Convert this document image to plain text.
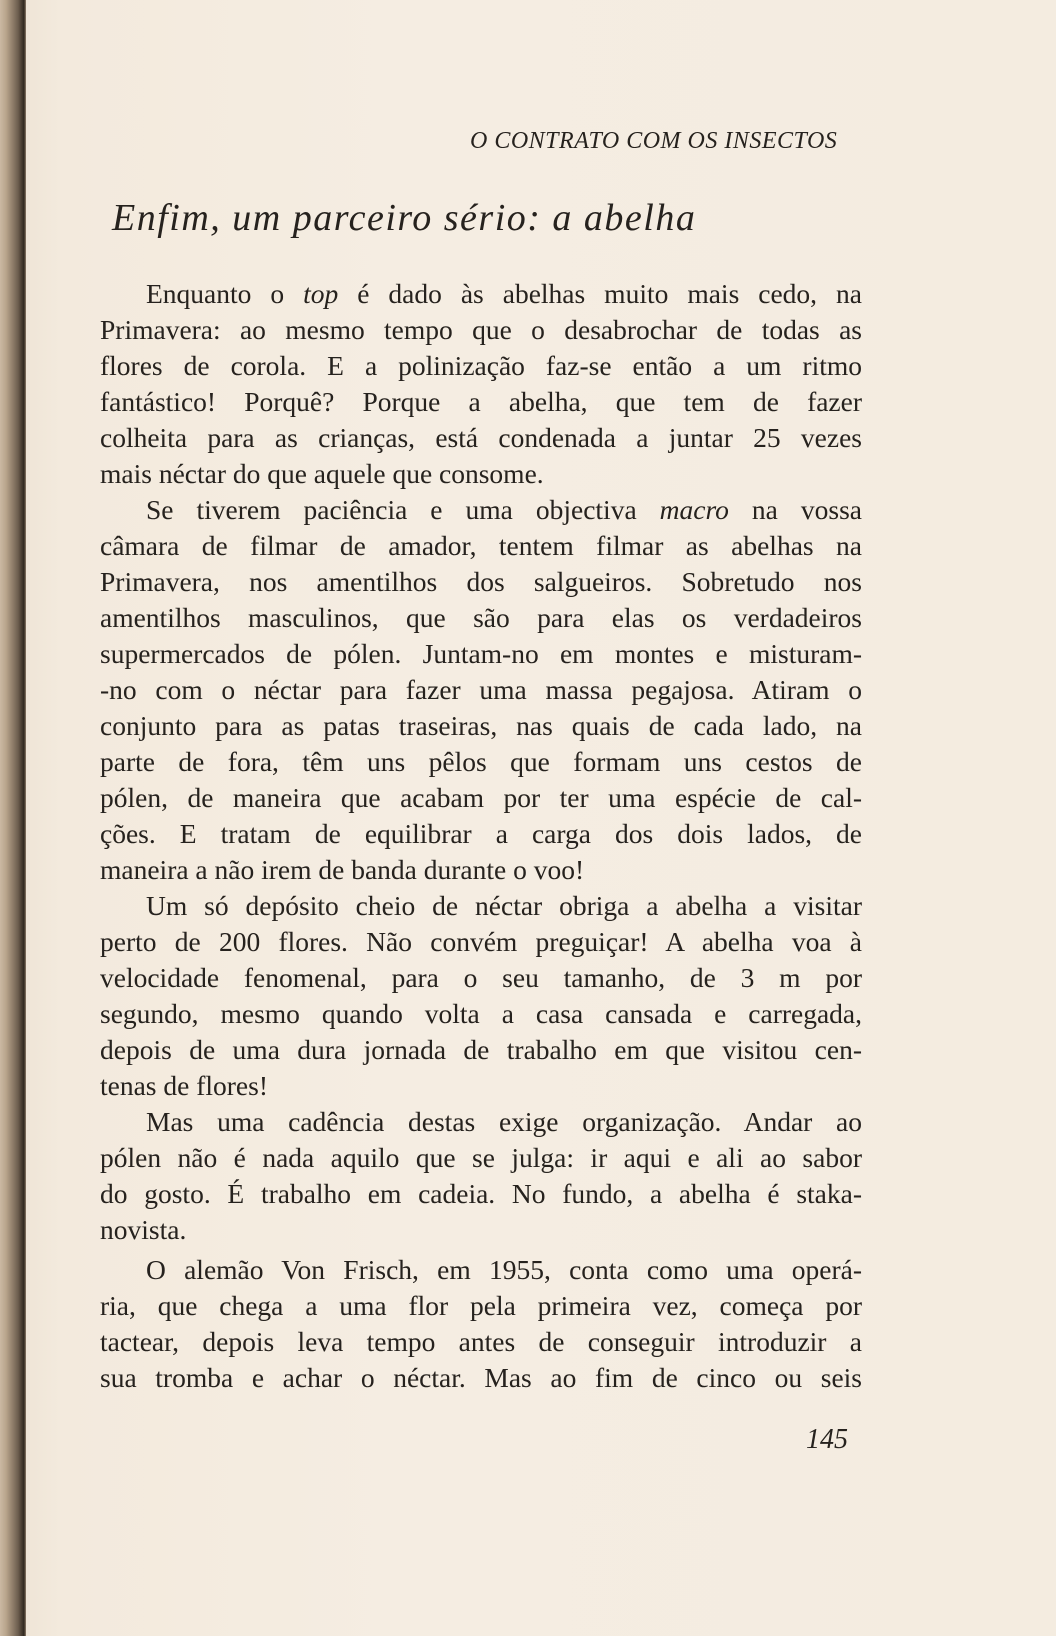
O CONTRATO COM OS INSECTOS
Enfim, um parceiro sério: a abelha
Enquanto o top é dado às abelhas muito mais cedo, na
Primavera: ao mesmo tempo que o desabrochar de todas as
flores de corola. E a polinização faz-se então a um ritmo
fantástico! Porquê? Porque a abelha, que tem de fazer
colheita para as crianças, está condenada a juntar 25 vezes
mais néctar do que aquele que consome.
Se tiverem paciência e uma objectiva macro na vossa
câmara de filmar de amador, tentem filmar as abelhas na
Primavera, nos amentilhos dos salgueiros. Sobretudo nos
amentilhos masculinos, que são para elas os verdadeiros
supermercados de pólen. Juntam-no em montes e misturam-
-no com o néctar para fazer uma massa pegajosa. Atiram o
conjunto para as patas traseiras, nas quais de cada lado, na
parte de fora, têm uns pêlos que formam uns cestos de
pólen, de maneira que acabam por ter uma espécie de cal-
ções. E tratam de equilibrar a carga dos dois lados, de
maneira a não irem de banda durante o voo!
Um só depósito cheio de néctar obriga a abelha a visitar
perto de 200 flores. Não convém preguiçar! A abelha voa à
velocidade fenomenal, para o seu tamanho, de 3 m por
segundo, mesmo quando volta a casa cansada e carregada,
depois de uma dura jornada de trabalho em que visitou cen-
tenas de flores!
Mas uma cadência destas exige organização. Andar ao
pólen não é nada aquilo que se julga: ir aqui e ali ao sabor
do gosto. É trabalho em cadeia. No fundo, a abelha é staka-
novista.
O alemão Von Frisch, em 1955, conta como uma operá-
ria, que chega a uma flor pela primeira vez, começa por
tactear, depois leva tempo antes de conseguir introduzir a
sua tromba e achar o néctar. Mas ao fim de cinco ou seis
145
